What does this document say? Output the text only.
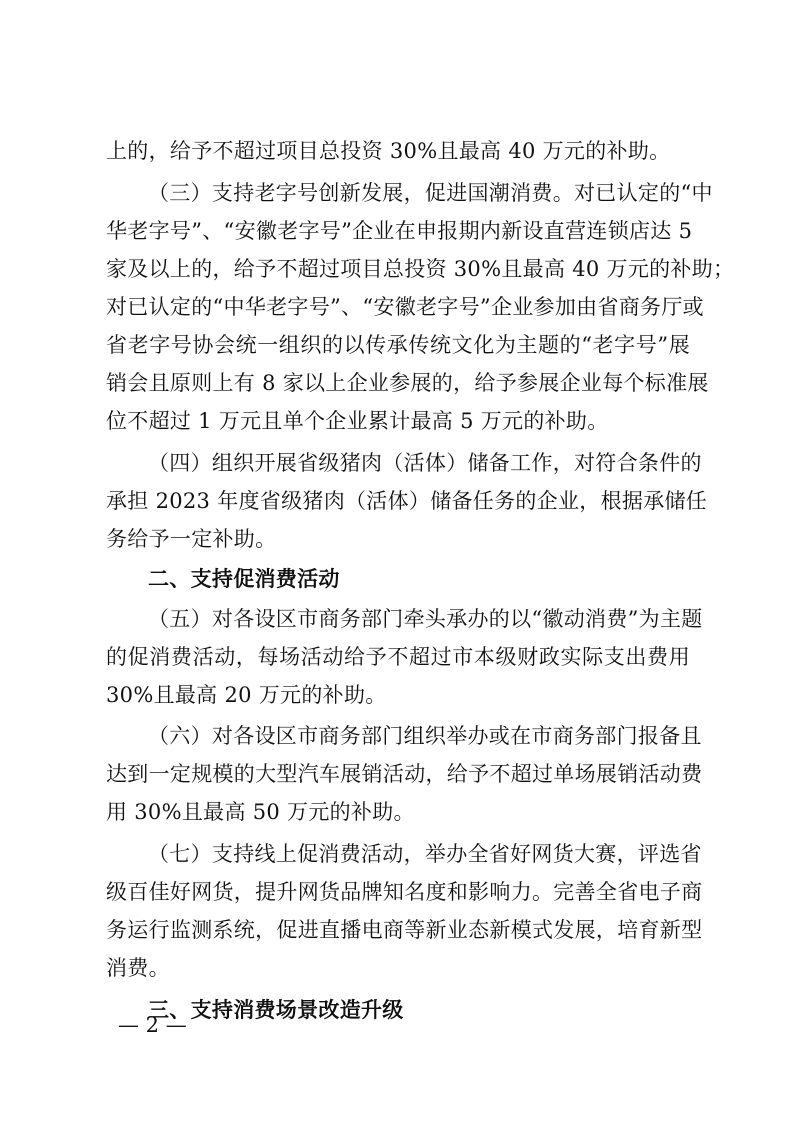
上的，给予不超过项目总投资 30%且最高 40 万元的补助。
（三）支持老字号创新发展，促进国潮消费。对已认定的“中
华老字号”、“安徽老字号”企业在申报期内新设直营连锁店达 5
家及以上的，给予不超过项目总投资 30%且最高 40 万元的补助；
对已认定的“中华老字号”、“安徽老字号”企业参加由省商务厅或
省老字号协会统一组织的以传承传统文化为主题的“老字号”展
销会且原则上有 8 家以上企业参展的，给予参展企业每个标准展
位不超过 1 万元且单个企业累计最高 5 万元的补助。
（四）组织开展省级猪肉（活体）储备工作，对符合条件的
承担 2023 年度省级猪肉（活体）储备任务的企业，根据承储任
务给予一定补助。
二、支持促消费活动
（五）对各设区市商务部门牵头承办的以“徽动消费”为主题
的促消费活动，每场活动给予不超过市本级财政实际支出费用
30%且最高 20 万元的补助。
（六）对各设区市商务部门组织举办或在市商务部门报备且
达到一定规模的大型汽车展销活动，给予不超过单场展销活动费
用 30%且最高 50 万元的补助。
（七）支持线上促消费活动，举办全省好网货大赛，评选省
级百佳好网货，提升网货品牌知名度和影响力。完善全省电子商
务运行监测系统，促进直播电商等新业态新模式发展，培育新型
消费。
三、支持消费场景改造升级
— 2 —
